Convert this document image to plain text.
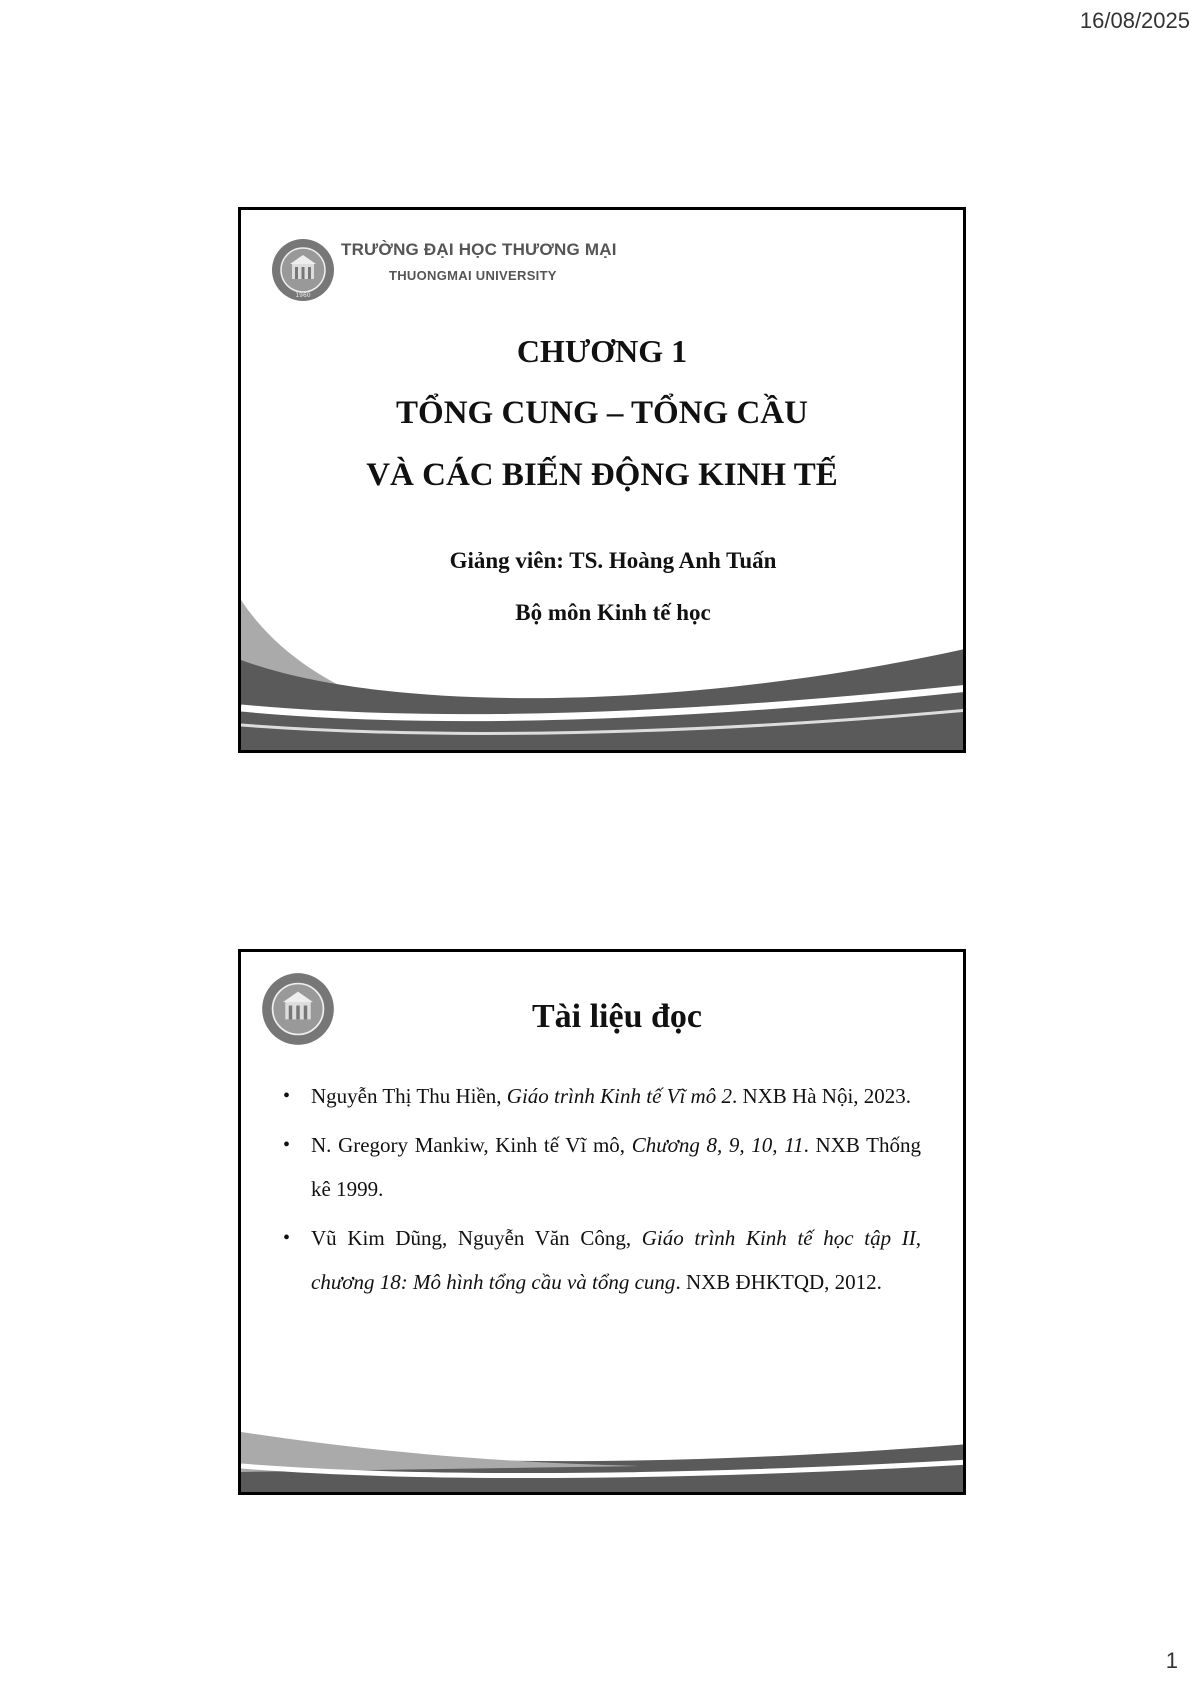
16/08/2025
1960
TRƯỜNG ĐẠI HỌC THƯƠNG MẠI
THUONGMAI UNIVERSITY
CHƯƠNG 1
TỔNG CUNG – TỔNG CẦU
VÀ CÁC BIẾN ĐỘNG KINH TẾ
Giảng viên: TS. Hoàng Anh Tuấn
Bộ môn Kinh tế học
Tài liệu đọc
• Nguyễn Thị Thu Hiền, Giáo trình Kinh tế Vĩ mô 2. NXB Hà Nội, 2023.
• N. Gregory Mankiw, Kinh tế Vĩ mô, Chương 8, 9, 10, 11. NXB Thống kê 1999.
• Vũ Kim Dũng, Nguyễn Văn Công, Giáo trình Kinh tế học tập II, chương 18: Mô hình tổng cầu và tổng cung. NXB ĐHKTQD, 2012.
1
